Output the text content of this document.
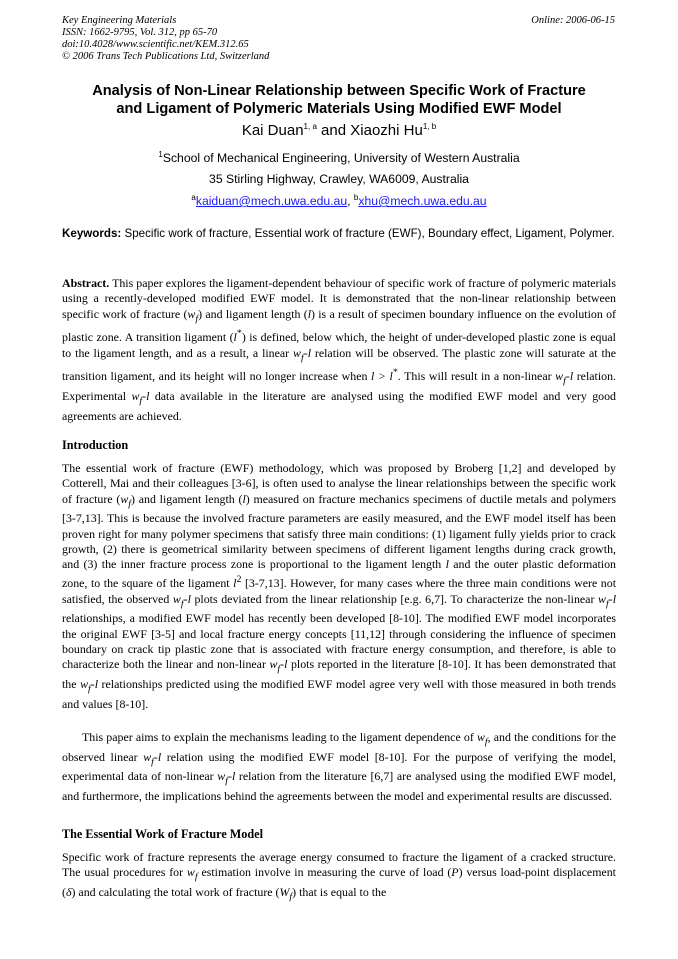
Key Engineering Materials
ISSN: 1662-9795, Vol. 312, pp 65-70
doi:10.4028/www.scientific.net/KEM.312.65
© 2006 Trans Tech Publications Ltd, Switzerland
Online: 2006-06-15
Analysis of Non-Linear Relationship between Specific Work of Fracture
and Ligament of Polymeric Materials Using Modified EWF Model
Kai Duan$^{1, a}$ and Xiaozhi Hu$^{1, b}$
$^1$School of Mechanical Engineering, University of Western Australia
35 Stirling Highway, Crawley, WA6009, Australia
$^a$kaiduan@mech.uwa.edu.au, $^b$xhu@mech.uwa.edu.au
Keywords: Specific work of fracture, Essential work of fracture (EWF), Boundary effect, Ligament, Polymer.
Abstract. This paper explores the ligament-dependent behaviour of specific work of fracture of polymeric materials using a recently-developed modified EWF model. It is demonstrated that the non-linear relationship between specific work of fracture $(w_f)$ and ligament length (l) is a result of specimen boundary influence on the evolution of plastic zone. A transition ligament (l*) is defined, below which, the height of under-developed plastic zone is equal to the ligament length, and as a result, a linear $w_f-l$ relation will be observed. The plastic zone will saturate at the transition ligament, and its height will no longer increase when l > l*. This will result in a non-linear $w_f-l$ relation. Experimental $w_f-l$ data available in the literature are analysed using the modified EWF model and very good agreements are achieved.
Introduction
The essential work of fracture (EWF) methodology, which was proposed by Broberg [1,2] and developed by Cotterell, Mai and their colleagues [3-6], is often used to analyse the linear relationships between the specific work of fracture $(w_f)$ and ligament length (l) measured on fracture mechanics specimens of ductile metals and polymers [3-7,13]. This is because the involved fracture parameters are easily measured, and the EWF model itself has been proven right for many polymer specimens that satisfy three main conditions: (1) ligament fully yields prior to crack growth, (2) there is geometrical similarity between specimens of different ligament lengths during crack growth, and (3) the inner fracture process zone is proportional to the ligament length l and the outer plastic deformation zone, to the square of the ligament $l^2$ [3-7,13]. However, for many cases where the three main conditions were not satisfied, the observed $w_f-l$ plots deviated from the linear relationship [e.g. 6,7]. To characterize the non-linear $w_f-l$ relationships, a modified EWF model has recently been developed [8-10]. The modified EWF model incorporates the original EWF [3-5] and local fracture energy concepts [11,12] through considering the influence of specimen boundary on crack tip plastic zone that is associated with fracture energy consumption, and therefore, is able to characterize both the linear and non-linear $w_f-l$ plots reported in the literature [8-10]. It has been demonstrated that the $w_f-l$ relationships predicted using the modified EWF model agree very well with those measured in both trends and values [8-10].
This paper aims to explain the mechanisms leading to the ligament dependence of $w_f$, and the conditions for the observed linear $w_f-l$ relation using the modified EWF model [8-10]. For the purpose of verifying the model, experimental data of non-linear $w_f-l$ relation from the literature [6,7] are analysed using the modified EWF model, and furthermore, the implications behind the agreements between the model and experimental results are discussed.
The Essential Work of Fracture Model
Specific work of fracture represents the average energy consumed to fracture the ligament of a cracked structure. The usual procedures for $w_f$ estimation involve in measuring the curve of load (P) versus load-point displacement (δ) and calculating the total work of fracture $(W_f)$ that is equal to the
